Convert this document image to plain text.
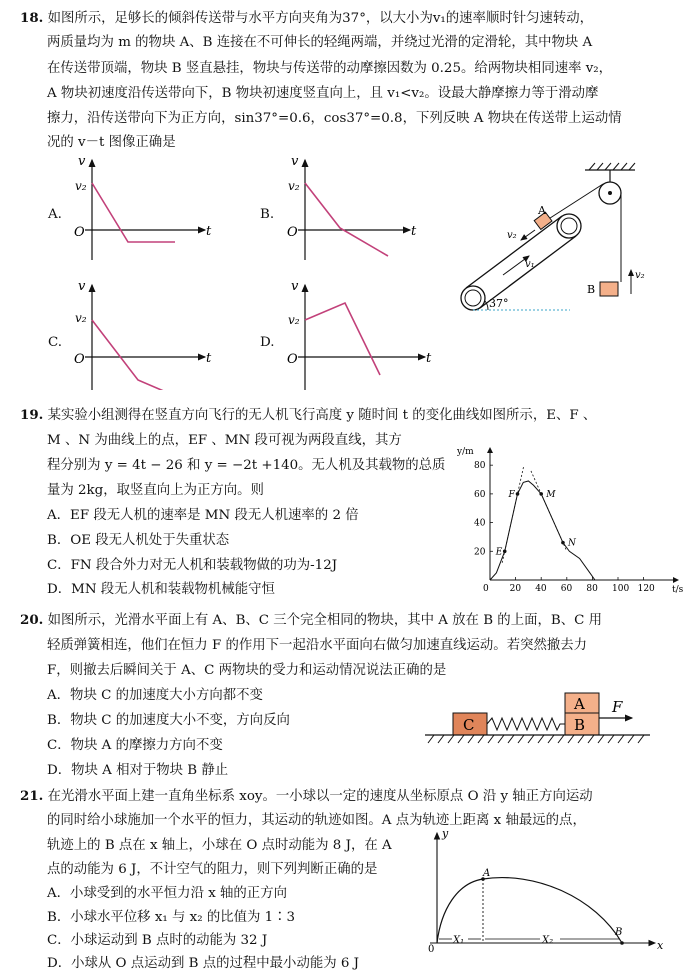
18. 如图所示，足够长的倾斜传送带与水平方向夹角为37°，以大小为v₁的速率顺时针匀速转动，
两质量均为 m 的物块 A、B 连接在不可伸长的轻绳两端，并绕过光滑的定滑轮，其中物块 A
在传送带顶端，物块 B 竖直悬挂，物块与传送带的动摩擦因数为 0.25。给两物块相同速率 v₂，
A 物块初速度沿传送带向下，B 物块初速度竖直向上，且 v₁<v₂。设最大静摩擦力等于滑动摩
擦力，沿传送带向下为正方向，sin37°=0.6，cos37°=0.8，下列反映 A 物块在传送带上运动情
况的 v－t 图像正确是
A.	B.
C.	D.
v
v₂
O	t
v
v₂
O	t
v
v₂
O	t
v
v₂
O	t
A
v₂
v₁
B
v₂
37°
19. 某实验小组测得在竖直方向飞行的无人机飞行高度 y 随时间 t 的变化曲线如图所示，E、F 、
M 、N 为曲线上的点，EF 、MN 段可视为两段直线，其方
程分别为 y = 4t − 26 和 y = −2t +140。无人机及其载物的总质
量为 2kg，取竖直向上为正方向。则
A．EF 段无人机的速率是 MN 段无人机速率的 2 倍
B．OE 段无人机处于失重状态
C．FN 段合外力对无人机和装载物做的功为-12J
D．MN 段无人机和装载物机械能守恒
y/m
t/s
0 20 40 60 80 100 120
20
40
60
80
E
F	M
N
20. 如图所示，光滑水平面上有 A、B、C 三个完全相同的物块，其中 A 放在 B 的上面，B、C 用
轻质弹簧相连，他们在恒力 F 的作用下一起沿水平面向右做匀加速直线运动。若突然撤去力
F，则撤去后瞬间关于 A、C 两物块的受力和运动情况说法正确的是
A．物块 C 的加速度大小方向都不变
B．物块 C 的加速度大小不变，方向反向
C．物块 A 的摩擦力方向不变
D．物块 A 相对于物块 B 静止
C	B
A F
21. 在光滑水平面上建一直角坐标系 xoy。一小球以一定的速度从坐标原点 O 沿 y 轴正方向运动
的同时给小球施加一个水平的恒力，其运动的轨迹如图。A 点为轨迹上距离 x 轴最远的点，
轨迹上的 B 点在 x 轴上，小球在 O 点时动能为 8 J，在 A
点的动能为 6 J，不计空气的阻力，则下列判断正确的是
A．小球受到的水平恒力沿 x 轴的正方向
B．小球水平位移 x₁ 与 x₂ 的比值为 1∶3
C．小球运动到 B 点时的动能为 32 J
D．小球从 O 点运动到 B 点的过程中最小动能为 6 J
y
x
0
A
B
X₁	X₂
